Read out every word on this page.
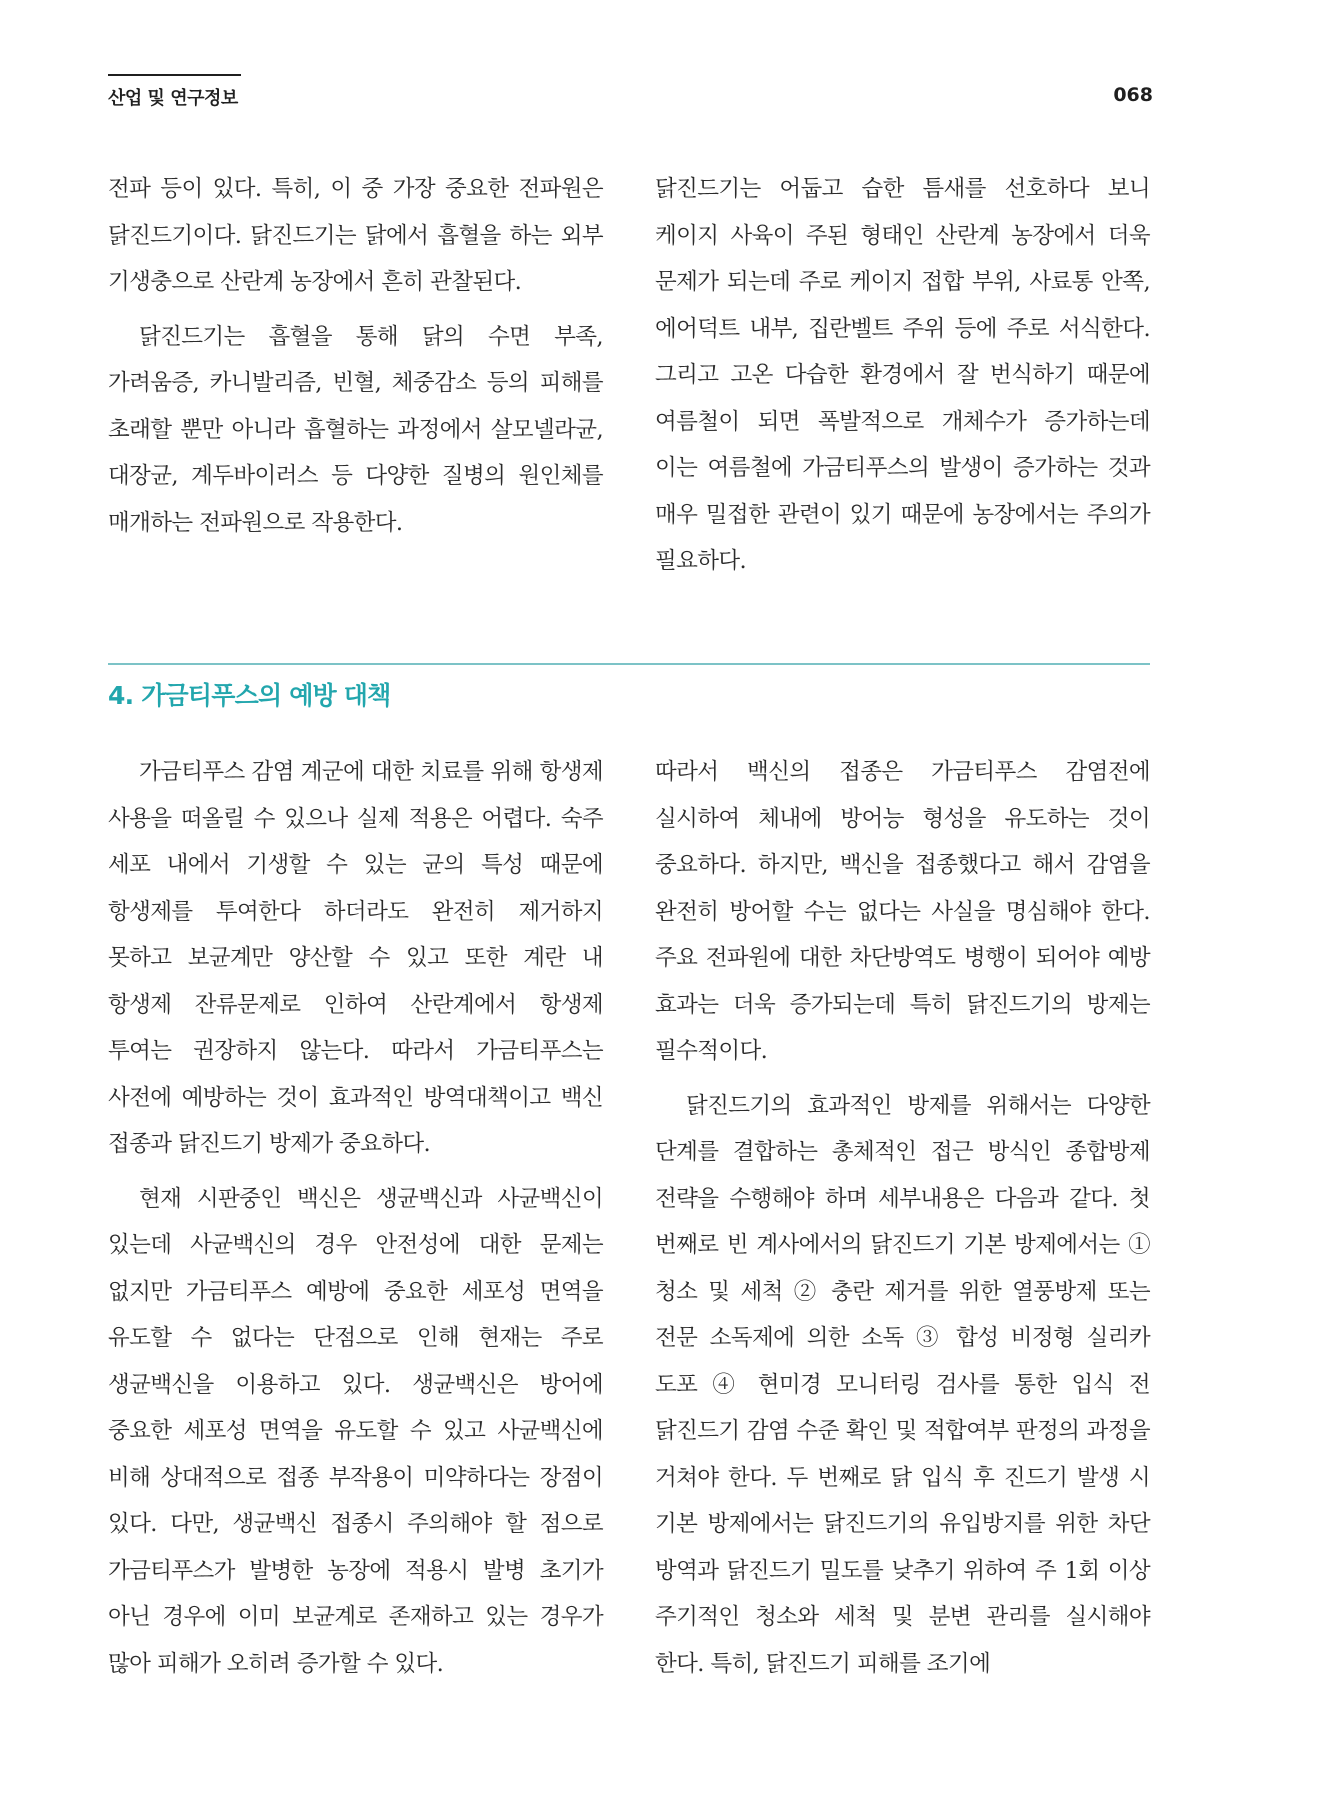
산업 및 연구정보	068

전파 등이 있다. 특히, 이 중 가장 중요한 전파원은 닭진드기이다. 닭진드기는 닭에서 흡혈을 하는 외부 기생충으로 산란계 농장에서 흔히 관찰된다.

닭진드기는 흡혈을 통해 닭의 수면 부족, 가려움증, 카니발리즘, 빈혈, 체중감소 등의 피해를 초래할 뿐만 아니라 흡혈하는 과정에서 살모넬라균, 대장균, 계두바이러스 등 다양한 질병의 원인체를 매개하는 전파원으로 작용한다.

닭진드기는 어둡고 습한 틈새를 선호하다 보니 케이지 사육이 주된 형태인 산란계 농장에서 더욱 문제가 되는데 주로 케이지 접합 부위, 사료통 안쪽, 에어덕트 내부, 집란벨트 주위 등에 주로 서식한다. 그리고 고온 다습한 환경에서 잘 번식하기 때문에 여름철이 되면 폭발적으로 개체수가 증가하는데 이는 여름철에 가금티푸스의 발생이 증가하는 것과 매우 밀접한 관련이 있기 때문에 농장에서는 주의가 필요하다.

4. 가금티푸스의 예방 대책

가금티푸스 감염 계군에 대한 치료를 위해 항생제 사용을 떠올릴 수 있으나 실제 적용은 어렵다. 숙주 세포 내에서 기생할 수 있는 균의 특성 때문에 항생제를 투여한다 하더라도 완전히 제거하지 못하고 보균계만 양산할 수 있고 또한 계란 내 항생제 잔류문제로 인하여 산란계에서 항생제 투여는 권장하지 않는다. 따라서 가금티푸스는 사전에 예방하는 것이 효과적인 방역대책이고 백신 접종과 닭진드기 방제가 중요하다.

현재 시판중인 백신은 생균백신과 사균백신이 있는데 사균백신의 경우 안전성에 대한 문제는 없지만 가금티푸스 예방에 중요한 세포성 면역을 유도할 수 없다는 단점으로 인해 현재는 주로 생균백신을 이용하고 있다. 생균백신은 방어에 중요한 세포성 면역을 유도할 수 있고 사균백신에 비해 상대적으로 접종 부작용이 미약하다는 장점이 있다. 다만, 생균백신 접종시 주의해야 할 점으로 가금티푸스가 발병한 농장에 적용시 발병 초기가 아닌 경우에 이미 보균계로 존재하고 있는 경우가 많아 피해가 오히려 증가할 수 있다.

따라서 백신의 접종은 가금티푸스 감염전에 실시하여 체내에 방어능 형성을 유도하는 것이 중요하다. 하지만, 백신을 접종했다고 해서 감염을 완전히 방어할 수는 없다는 사실을 명심해야 한다. 주요 전파원에 대한 차단방역도 병행이 되어야 예방 효과는 더욱 증가되는데 특히 닭진드기의 방제는 필수적이다.

닭진드기의 효과적인 방제를 위해서는 다양한 단계를 결합하는 총체적인 접근 방식인 종합방제 전략을 수행해야 하며 세부내용은 다음과 같다. 첫 번째로 빈 계사에서의 닭진드기 기본 방제에서는 ① 청소 및 세척 ② 충란 제거를 위한 열풍방제 또는 전문 소독제에 의한 소독 ③ 합성 비정형 실리카 도포 ④ 현미경 모니터링 검사를 통한 입식 전 닭진드기 감염 수준 확인 및 적합여부 판정의 과정을 거쳐야 한다. 두 번째로 닭 입식 후 진드기 발생 시 기본 방제에서는 닭진드기의 유입방지를 위한 차단 방역과 닭진드기 밀도를 낮추기 위하여 주 1회 이상 주기적인 청소와 세척 및 분변 관리를 실시해야 한다. 특히, 닭진드기 피해를 조기에
